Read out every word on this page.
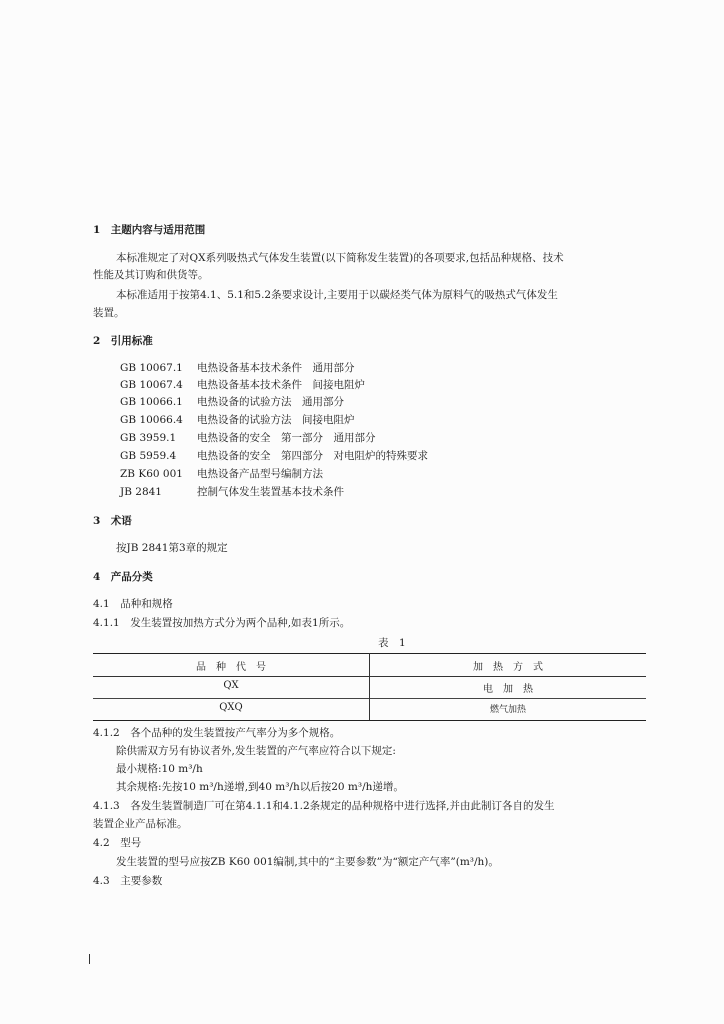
1　主题内容与适用范围
本标准规定了对QX系列吸热式气体发生装置(以下简称发生装置)的各项要求,包括品种规格、技术
性能及其订购和供货等。
本标准适用于按第4.1、5.1和5.2条要求设计,主要用于以碳烃类气体为原料气的吸热式气体发生
装置。
2　引用标准
GB 10067.1 电热设备基本技术条件　通用部分
GB 10067.4 电热设备基本技术条件　间接电阻炉
GB 10066.1 电热设备的试验方法　通用部分
GB 10066.4 电热设备的试验方法　间接电阻炉
GB 3959.1 电热设备的安全　第一部分　通用部分
GB 5959.4 电热设备的安全　第四部分　对电阻炉的特殊要求
ZB K60 001 电热设备产品型号编制方法
JB 2841	控制气体发生装置基本技术条件
3　术语
按JB 2841第3章的规定
4　产品分类
4.1　品种和规格
4.1.1　发生装置按加热方式分为两个品种,如表1所示。
表　1
品　种　代　号	加　热　方　式
QX	电　加　热
QXQ	燃气加热
4.1.2　各个品种的发生装置按产气率分为多个规格。
除供需双方另有协议者外,发生装置的产气率应符合以下规定:
最小规格:10 m³/h
其余规格:先按10 m³/h递增,到40 m³/h以后按20 m³/h递增。
4.1.3　各发生装置制造厂可在第4.1.1和4.1.2条规定的品种规格中进行选择,并由此制订各自的发生
装置企业产品标准。
4.2　型号
发生装置的型号应按ZB K60 001编制,其中的“主要参数”为“额定产气率”(m³/h)。
4.3　主要参数
